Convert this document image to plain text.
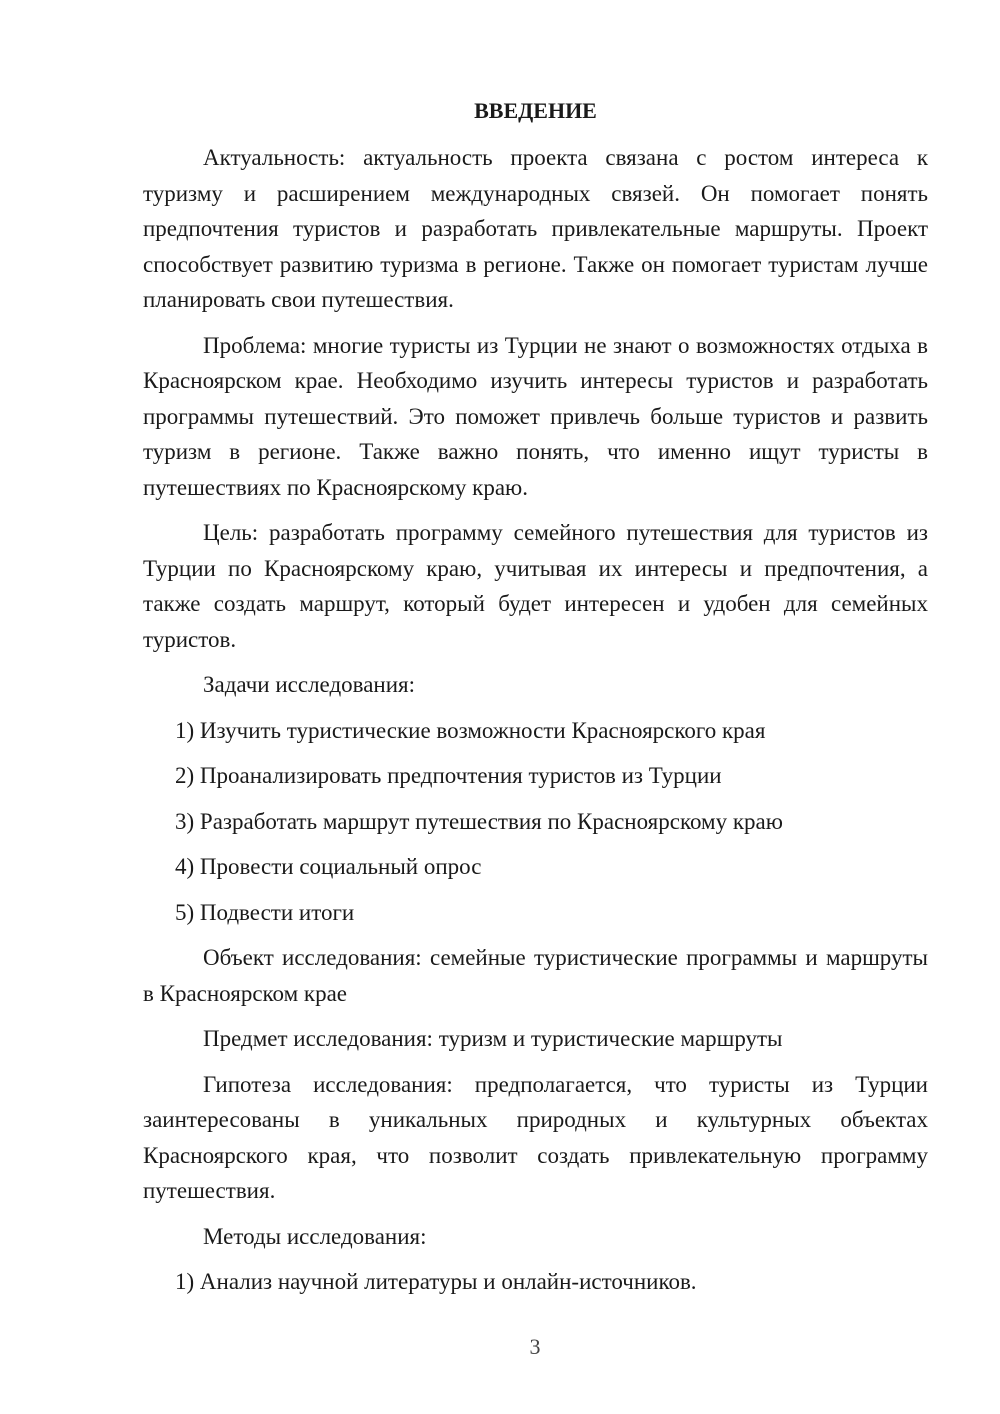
ВВЕДЕНИЕ

Актуальность: актуальность проекта связана с ростом интереса к туризму и расширением международных связей. Он помогает понять предпочтения туристов и разработать привлекательные маршруты. Проект способствует развитию туризма в регионе. Также он помогает туристам лучше планировать свои путешествия.

Проблема: многие туристы из Турции не знают о возможностях отдыха в Красноярском крае. Необходимо изучить интересы туристов и разработать программы путешествий. Это поможет привлечь больше туристов и развить туризм в регионе. Также важно понять, что именно ищут туристы в путешествиях по Красноярскому краю.

Цель: разработать программу семейного путешествия для туристов из Турции по Красноярскому краю, учитывая их интересы и предпочтения, а также создать маршрут, который будет интересен и удобен для семейных туристов.

Задачи исследования:
1) Изучить туристические возможности Красноярского края
2) Проанализировать предпочтения туристов из Турции
3) Разработать маршрут путешествия по Красноярскому краю
4) Провести социальный опрос
5) Подвести итоги

Объект исследования: семейные туристические программы и маршруты в Красноярском крае

Предмет исследования: туризм и туристические маршруты

Гипотеза исследования: предполагается, что туристы из Турции заинтересованы в уникальных природных и культурных объектах Красноярского края, что позволит создать привлекательную программу путешествия.

Методы исследования:
1) Анализ научной литературы и онлайн-источников.
3
